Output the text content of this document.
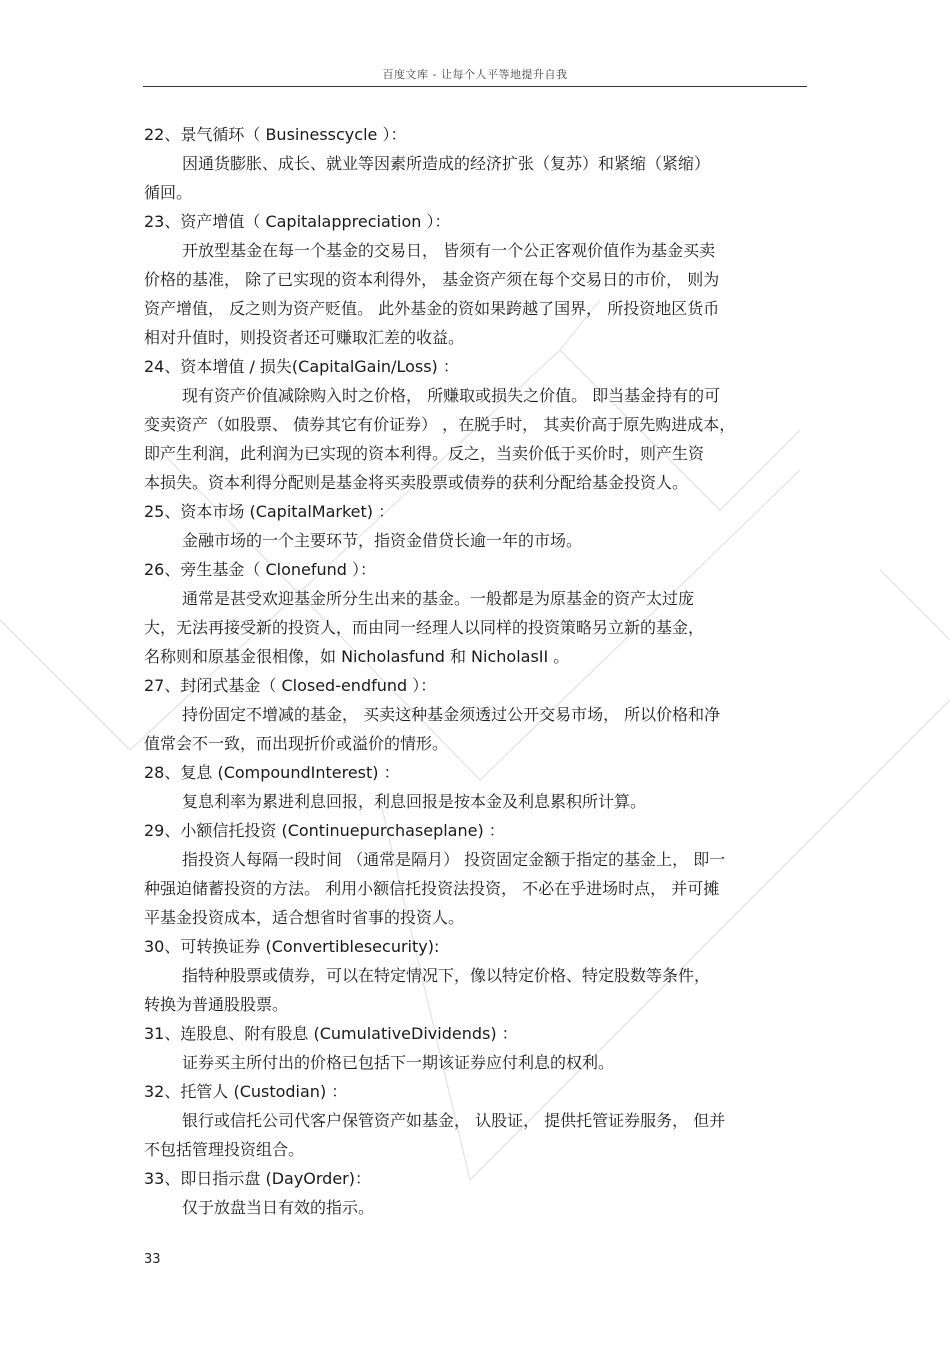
百度文库 - 让每个人平等地提升自我
22、景气循环（ Businesscycle ）：
因通货膨胀、成长、就业等因素所造成的经济扩张（复苏）和紧缩（紧缩）
循回。
23、资产增值（ Capitalappreciation ）：
开放型基金在每一个基金的交易日， 皆须有一个公正客观价值作为基金买卖
价格的基准， 除了已实现的资本利得外， 基金资产须在每个交易日的市价， 则为
资产增值， 反之则为资产贬值。 此外基金的资如果跨越了国界， 所投资地区货币
相对升值时，则投资者还可赚取汇差的收益。
24、资本增值 / 损失(CapitalGain/Loss) ：
现有资产价值减除购入时之价格， 所赚取或损失之价值。 即当基金持有的可
变卖资产（如股票、 债券其它有价证券） ，在脱手时， 其卖价高于原先购进成本，
即产生利润，此利润为已实现的资本利得。反之，当卖价低于买价时，则产生资
本损失。资本利得分配则是基金将买卖股票或债券的获利分配给基金投资人。
25、资本市场 (CapitalMarket) ：
金融市场的一个主要环节，指资金借贷长逾一年的市场。
26、旁生基金（ Clonefund ）：
通常是甚受欢迎基金所分生出来的基金。一般都是为原基金的资产太过庞
大，无法再接受新的投资人，而由同一经理人以同样的投资策略另立新的基金，
名称则和原基金很相像，如 Nicholasfund 和 NicholasII 。
27、封闭式基金（ Closed-endfund ）：
持份固定不增减的基金， 买卖这种基金须透过公开交易市场， 所以价格和净
值常会不一致，而出现折价或溢价的情形。
28、复息 (CompoundInterest) ：
复息利率为累进利息回报，利息回报是按本金及利息累积所计算。
29、小额信托投资 (Continuepurchaseplane) ：
指投资人每隔一段时间 （通常是隔月） 投资固定金额于指定的基金上， 即一
种强迫储蓄投资的方法。 利用小额信托投资法投资， 不必在乎进场时点， 并可摊
平基金投资成本，适合想省时省事的投资人。
30、可转换证券 (Convertiblesecurity):
指特种股票或债券，可以在特定情况下，像以特定价格、特定股数等条件，
转换为普通股股票。
31、连股息、附有股息 (CumulativeDividends) ：
证券买主所付出的价格已包括下一期该证券应付利息的权利。
32、托管人 (Custodian) ：
银行或信托公司代客户保管资产如基金， 认股证， 提供托管证券服务， 但并
不包括管理投资组合。
33、即日指示盘 (DayOrder)：
仅于放盘当日有效的指示。
33
